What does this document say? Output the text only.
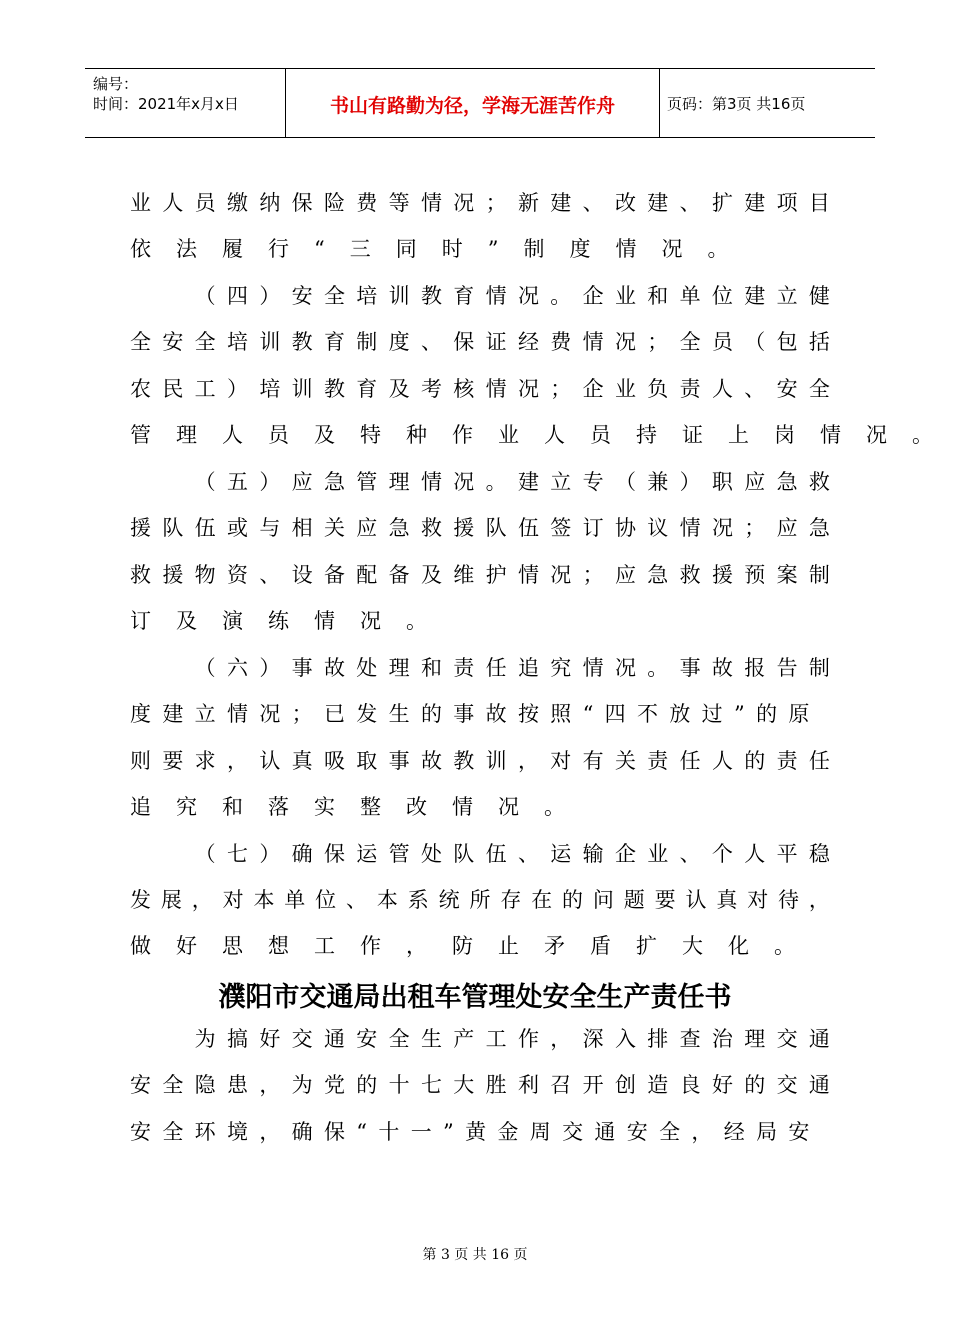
编号：
时间：2021年x月x日	书山有路勤为径，学海无涯苦作舟	页码：第3页 共16页
业人员缴纳保险费等情况；新建、改建、扩建项目
依法履行“三同时”制度情况。
（四）安全培训教育情况。企业和单位建立健
全安全培训教育制度、保证经费情况；全员（包括
农民工）培训教育及考核情况；企业负责人、安全
管理人员及特种作业人员持证上岗情况。
（五）应急管理情况。建立专（兼）职应急救
援队伍或与相关应急救援队伍签订协议情况；应急
救援物资、设备配备及维护情况；应急救援预案制
订及演练情况。
（六）事故处理和责任追究情况。事故报告制
度建立情况；已发生的事故按照“四不放过”的原
则要求，认真吸取事故教训，对有关责任人的责任
追究和落实整改情况。
（七）确保运管处队伍、运输企业、个人平稳
发展，对本单位、本系统所存在的问题要认真对待，
做好思想工作，防止矛盾扩大化。
为搞好交通安全生产工作，深入排查治理交通
安全隐患，为党的十七大胜利召开创造良好的交通
安全环境，确保“十一”黄金周交通安全，经局安
濮阳市交通局出租车管理处安全生产责任书
第 3 页 共 16 页
